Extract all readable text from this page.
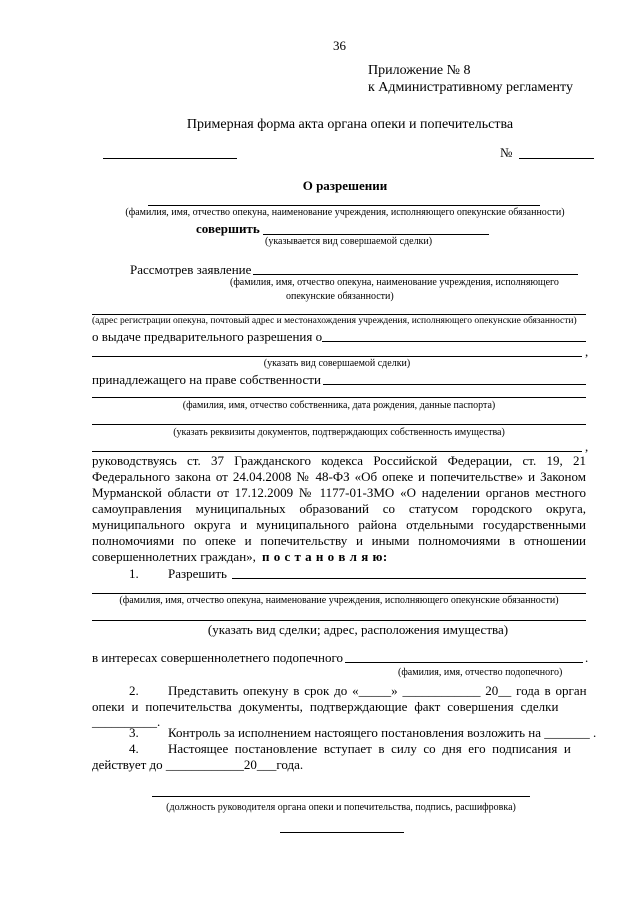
36
Приложение № 8
к Административному регламенту
Примерная форма акта органа опеки и попечительства
№
О разрешении
(фамилия, имя, отчество опекуна, наименование учреждения, исполняющего опекунские обязанности)
совершить
(указывается вид совершаемой сделки)
Рассмотрев заявление
(фамилия, имя, отчество опекуна, наименование учреждения, исполняющего
опекунские обязанности)
(адрес регистрации опекуна, почтовый адрес и местонахождения учреждения, исполняющего опекунские обязанности)
о выдаче предварительного разрешения о
,
(указать вид совершаемой сделки)
принадлежащего на праве собственности
(фамилия, имя, отчество собственника, дата рождения, данные паспорта)
(указать реквизиты документов, подтверждающих собственность имущества)
,
руководствуясь ст. 37 Гражданского кодекса Российской Федерации, ст. 19, 21 Федерального закона от 24.04.2008 № 48-ФЗ «Об опеке и попечительстве» и Законом Мурманской области от 17.12.2009 № 1177-01-ЗМО «О наделении органов местного самоуправления муниципальных образований со статусом городского округа, муниципального округа и муниципального района отдельными государственными полномочиями по опеке и попечительству и иными полномочиями в отношении
совершеннолетних граждан», п о с т а н о в л я ю:
1. Разрешить
(фамилия, имя, отчество опекуна, наименование учреждения, исполняющего опекунские обязанности)
(указать вид сделки; адрес, расположения имущества)
в интересах совершеннолетнего подопечного	.
(фамилия, имя, отчество подопечного)
2. Представить опекуну в срок до «_____» ____________ 20__ года в орган
опеки и попечительства документы, подтверждающие факт совершения сделки
__________.
3. Контроль за исполнением настоящего постановления возложить на _______ .
4. Настоящее постановление вступает в силу со дня его подписания и
действует до ____________20___года.
(должность руководителя органа опеки и попечительства, подпись, расшифровка)
